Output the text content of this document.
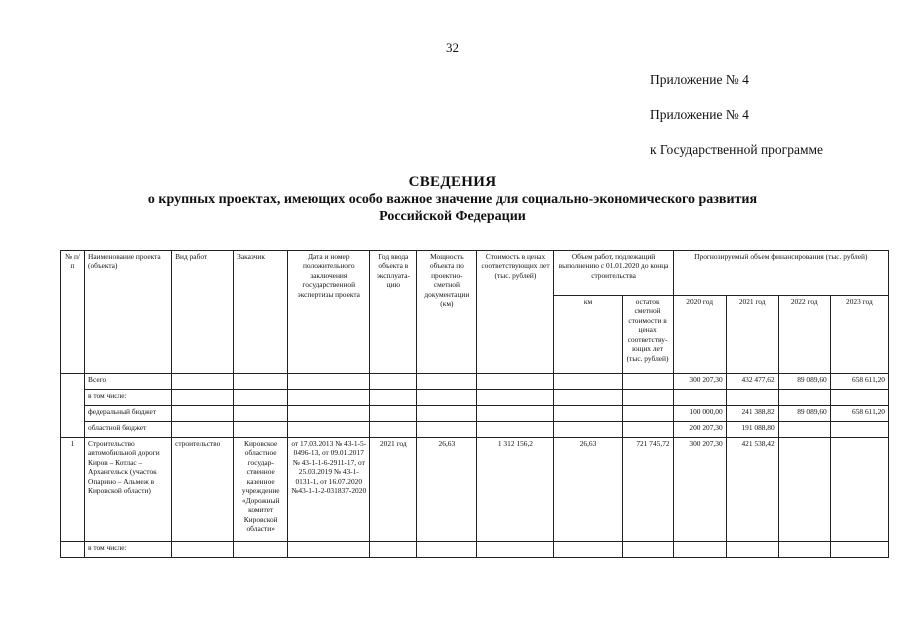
32
Приложение № 4
Приложение № 4
к Государственной программе
СВЕДЕНИЯ
о крупных проектах, имеющих особо важное значение для социально-экономического развития
Российской Федерации
№ п/п	Наименование проекта (объекта)	Вид работ	Заказчик	Дата и номер положительного заключения государственной экспертизы проекта	Год ввода объекта в эксплуата-цию	Мощность объекта по проектно-сметной документации (км)	Стоимость в ценах соответствующих лет (тыс. рублей)	Объем работ, подлежащий выполнению с 01.01.2020 до конца строительства		Прогнозируемый объем финансирования (тыс. рублей)			
								км	остаток сметной стоимости в ценах соответству-ющих лет (тыс. рублей)	2020 год	2021 год	2022 год	2023 год
	Всего									300 207,30	432 477,62	89 089,60	658 611,20
	в том числе:												
	федеральный бюджет									100 000,00	241 388,82	89 089,60	658 611,20
	областной бюджет									200 207,30	191 088,80		
1	Строительство автомобильной дороги Киров – Котлас – Архангельск (участок Опарино – Альмеж в Кировской области)	строительство	Кировское областное государ-ственное казенное учреждение «Дорожный комитет Кировской области»	от 17.03.2013 № 43-1-5-0496-13, от 09.01.2017 № 43-1-1-6-2911-17, от 25.03.2019 № 43-1-0131-1, от 16.07.2020 №43-1-1-2-031837-2020	2021 год	26,63	1 312 156,2	26,63	721 745,72	300 207,30	421 538,42		
	в том числе:												
